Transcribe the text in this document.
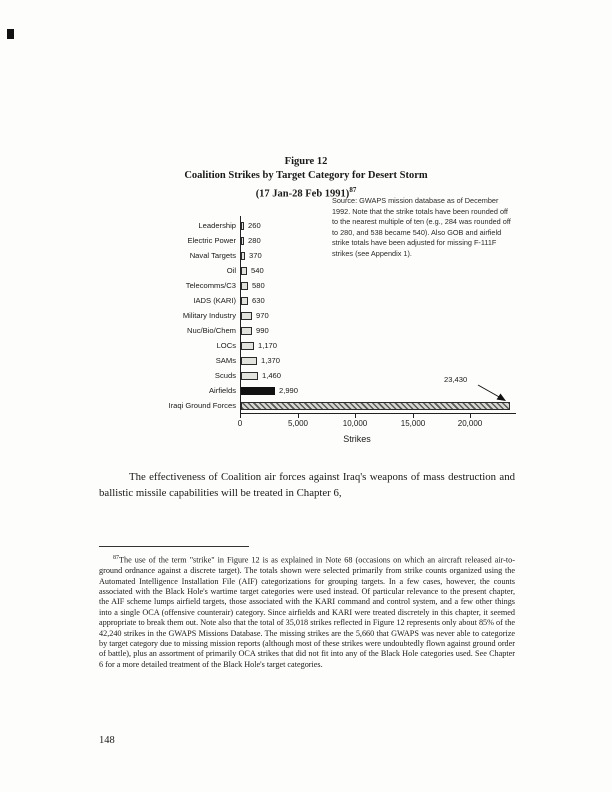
Figure 12
Coalition Strikes by Target Category for Desert Storm
(17 Jan-28 Feb 1991)$^{87}$
Source: GWAPS mission database as of December 1992. Note that the strike totals have been rounded off to the nearest multiple of ten (e.g., 284 was rounded off to 280, and 538 became 540). Also GOB and airfield strike totals have been adjusted for missing F-111F strikes (see Appendix 1).
Leadership	260
Electric Power	280
Naval Targets	370
Oil	540
Telecomms/C3	580
IADS (KARI)	630
Military Industry	970
Nuc/Bio/Chem	990
LOCs	1,170
SAMs	1,370
Scuds	1,460
Airfields	2,990
Iraqi Ground Forces
0	5,000	10,000	15,000	20,000
Strikes
23,430
The effectiveness of Coalition air forces against Iraq's weapons of mass destruction and ballistic missile capabilities will be treated in Chapter 6,
$^{87}$The use of the term "strike" in Figure 12 is as explained in Note 68 (occasions on which an aircraft released air-to-ground ordnance against a discrete target). The totals shown were selected primarily from strike counts organized using the Automated Intelligence Installation File (AIF) categorizations for grouping targets. In a few cases, however, the counts associated with the Black Hole's wartime target categories were used instead. Of particular relevance to the present chapter, the AIF scheme lumps airfield targets, those associated with the KARI command and control system, and a few other things into a single OCA (offensive counterair) category. Since airfields and KARI were treated discretely in this chapter, it seemed appropriate to break them out. Note also that the total of 35,018 strikes reflected in Figure 12 represents only about 85% of the 42,240 strikes in the GWAPS Missions Database. The missing strikes are the 5,660 that GWAPS was never able to categorize by target category due to missing mission reports (although most of these strikes were undoubtedly flown against ground order of battle), plus an assortment of primarily OCA strikes that did not fit into any of the Black Hole categories used. See Chapter 6 for a more detailed treatment of the Black Hole's target categories.
148
